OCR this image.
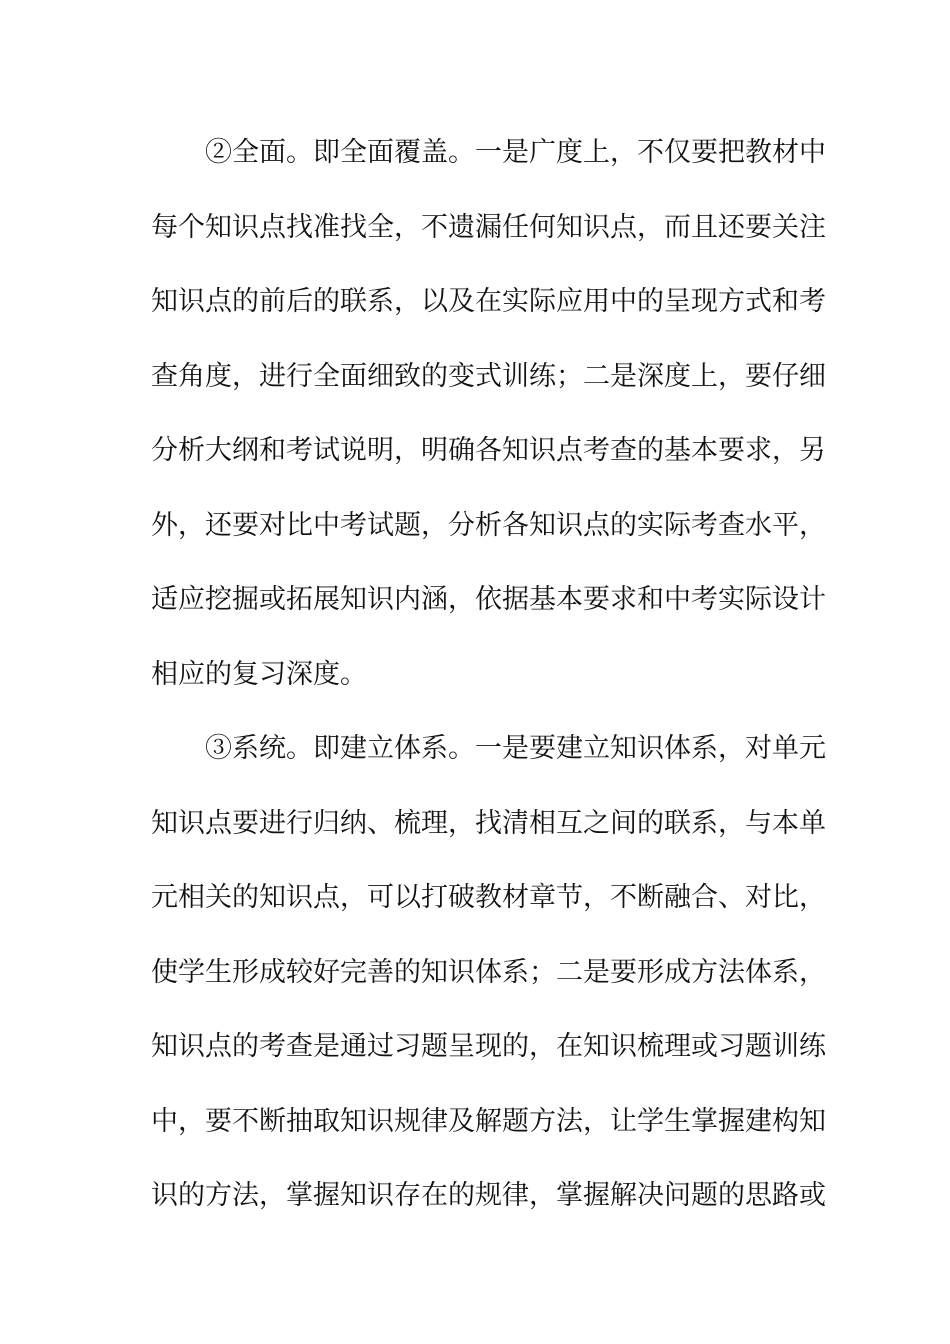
②全面。即全面覆盖。一是广度上，不仅要把教材中
每个知识点找准找全，不遗漏任何知识点，而且还要关注
知识点的前后的联系，以及在实际应用中的呈现方式和考
查角度，进行全面细致的变式训练；二是深度上，要仔细
分析大纲和考试说明，明确各知识点考查的基本要求，另
外，还要对比中考试题，分析各知识点的实际考查水平，
适应挖掘或拓展知识内涵，依据基本要求和中考实际设计
相应的复习深度。
③系统。即建立体系。一是要建立知识体系，对单元
知识点要进行归纳、梳理，找清相互之间的联系，与本单
元相关的知识点，可以打破教材章节，不断融合、对比，
使学生形成较好完善的知识体系；二是要形成方法体系，
知识点的考查是通过习题呈现的，在知识梳理或习题训练
中，要不断抽取知识规律及解题方法，让学生掌握建构知
识的方法，掌握知识存在的规律，掌握解决问题的思路或
